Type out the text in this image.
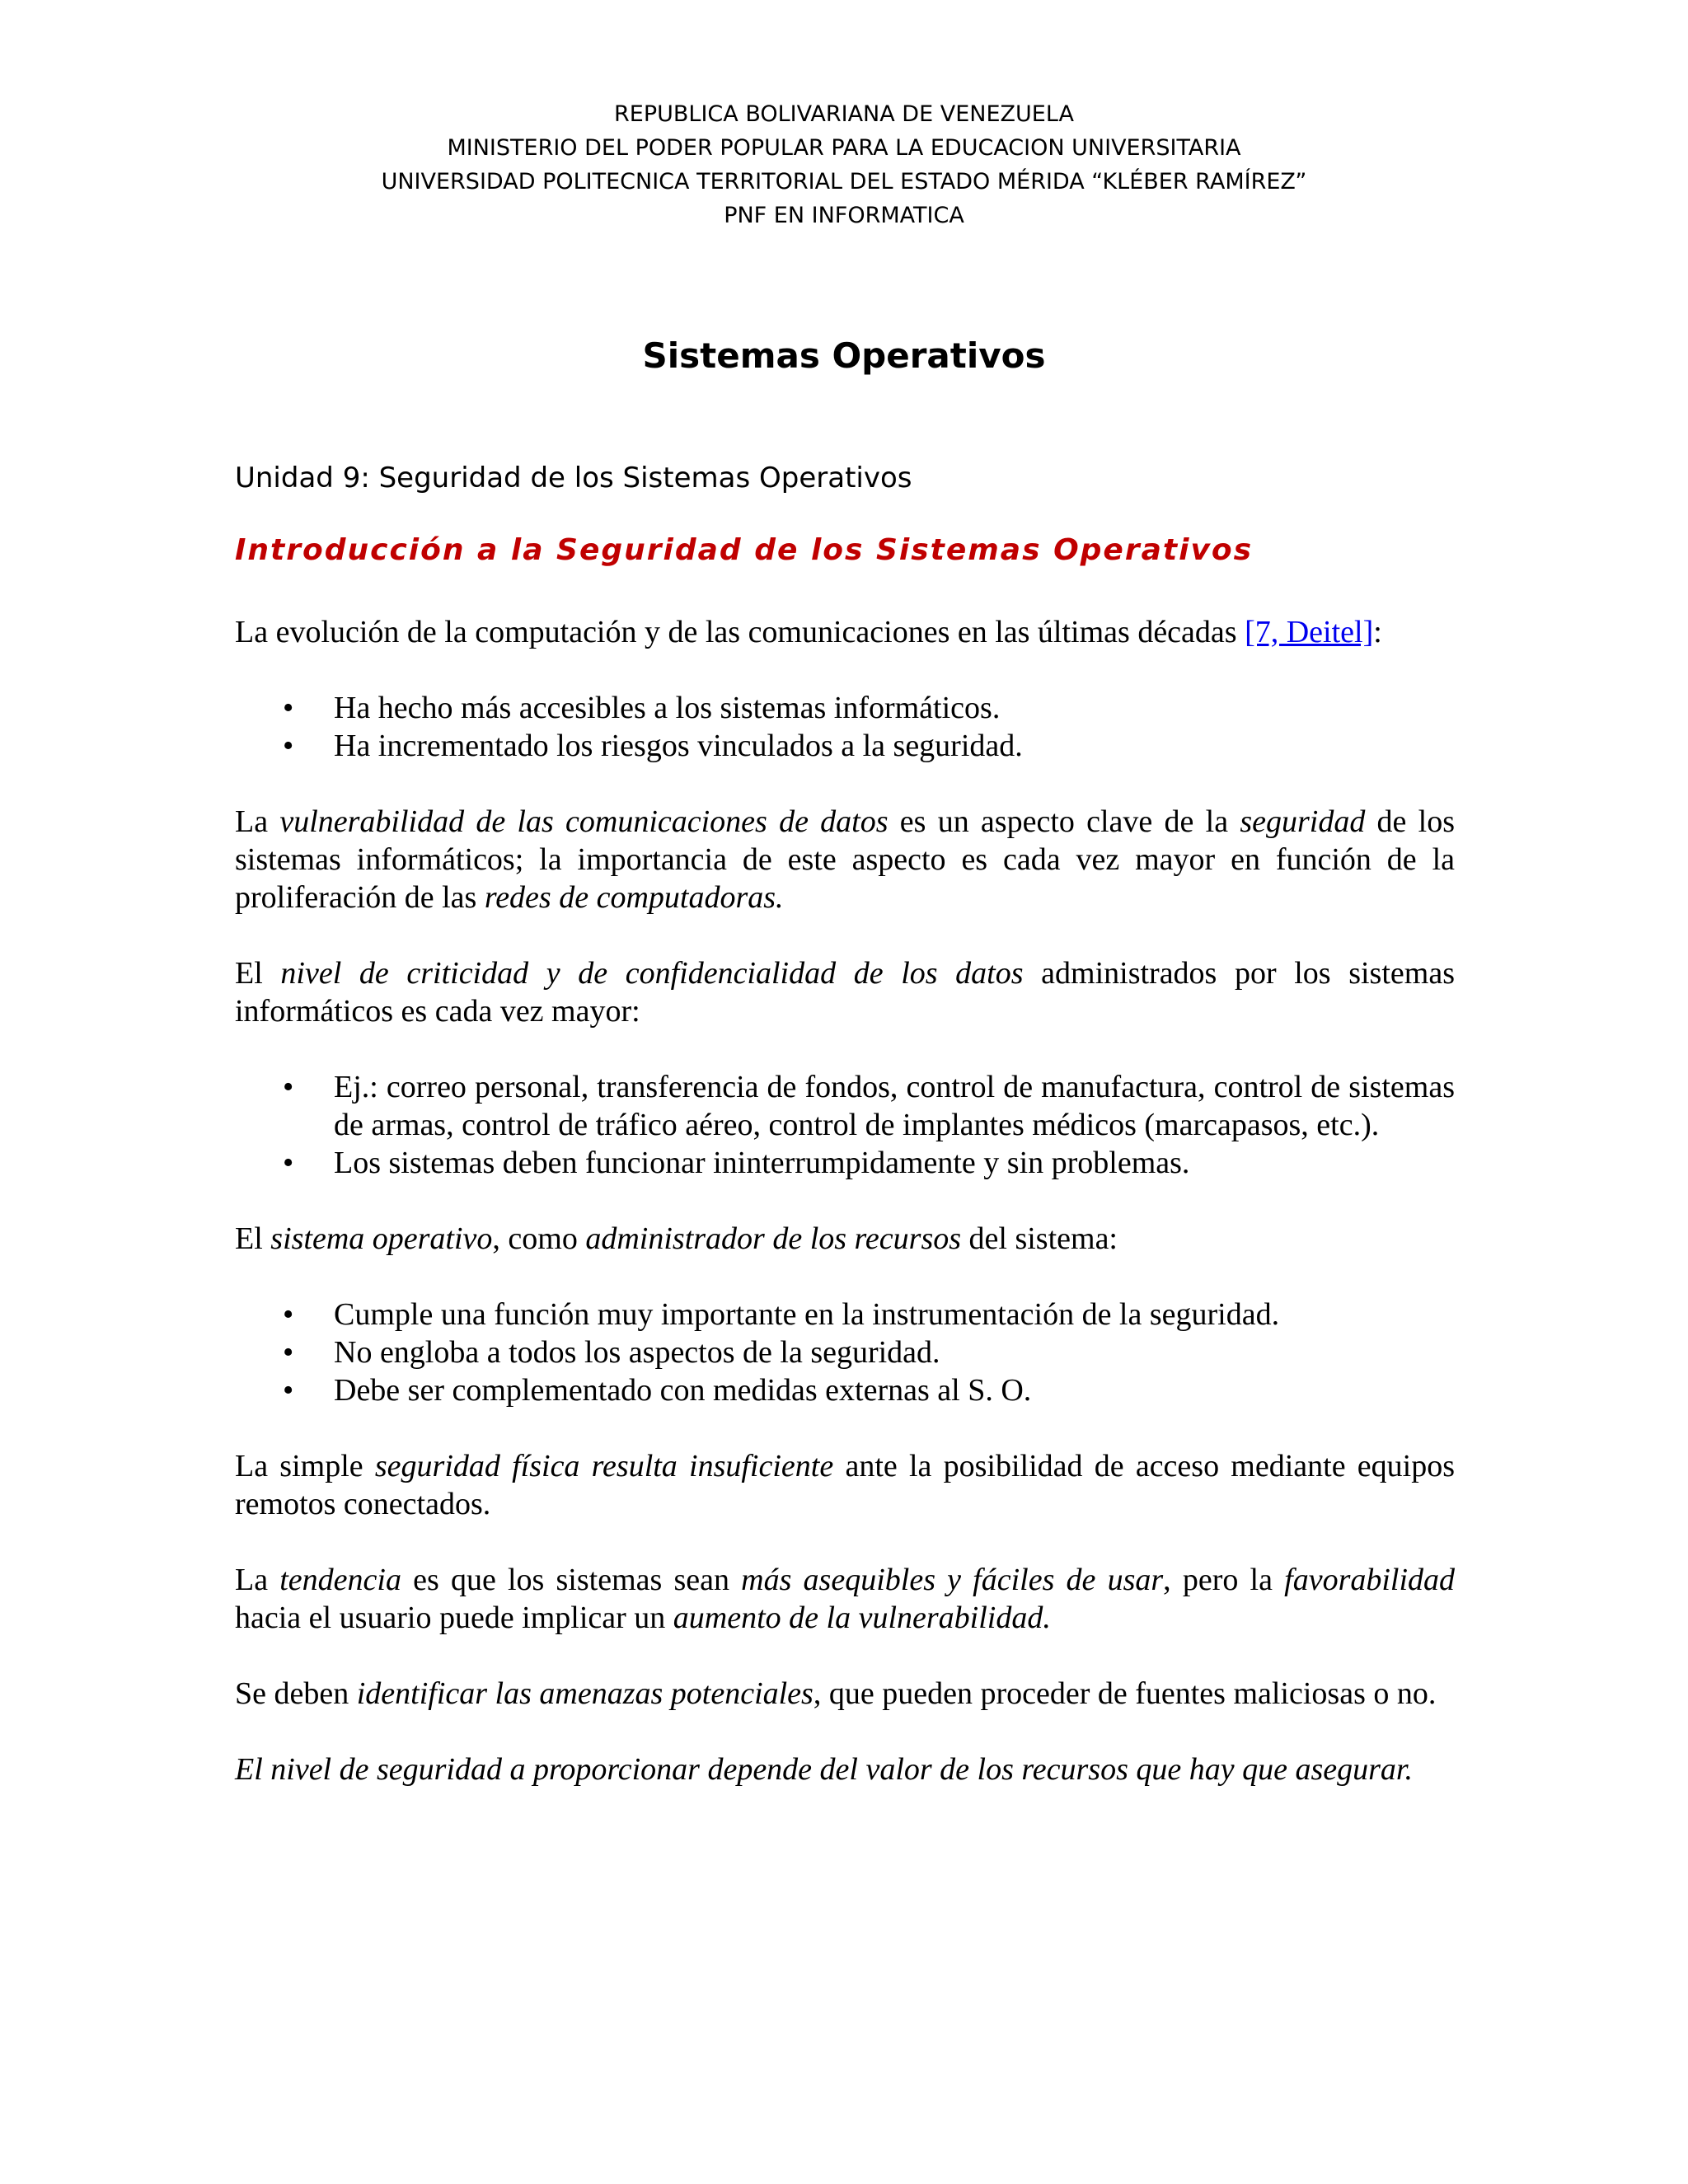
REPUBLICA BOLIVARIANA DE VENEZUELA
MINISTERIO DEL PODER POPULAR PARA LA EDUCACION UNIVERSITARIA
UNIVERSIDAD POLITECNICA TERRITORIAL DEL ESTADO MÉRIDA “KLÉBER RAMÍREZ”
PNF EN INFORMATICA
Sistemas Operativos
Unidad 9: Seguridad de los Sistemas Operativos
Introducción a la Seguridad de los Sistemas Operativos

La evolución de la computación y de las comunicaciones en las últimas décadas [7, Deitel]:

• Ha hecho más accesibles a los sistemas informáticos.
• Ha incrementado los riesgos vinculados a la seguridad.

La vulnerabilidad de las comunicaciones de datos es un aspecto clave de la seguridad de los sistemas informáticos; la importancia de este aspecto es cada vez mayor en función de la proliferación de las redes de computadoras.

El nivel de criticidad y de confidencialidad de los datos administrados por los sistemas informáticos es cada vez mayor:

• Ej.: correo personal, transferencia de fondos, control de manufactura, control de sistemas de armas, control de tráfico aéreo, control de implantes médicos (marcapasos, etc.).
• Los sistemas deben funcionar ininterrumpidamente y sin problemas.

El sistema operativo, como administrador de los recursos del sistema:

• Cumple una función muy importante en la instrumentación de la seguridad.
• No engloba a todos los aspectos de la seguridad.
• Debe ser complementado con medidas externas al S. O.

La simple seguridad física resulta insuficiente ante la posibilidad de acceso mediante equipos remotos conectados.

La tendencia es que los sistemas sean más asequibles y fáciles de usar, pero la favorabilidad hacia el usuario puede implicar un aumento de la vulnerabilidad.

Se deben identificar las amenazas potenciales, que pueden proceder de fuentes maliciosas o no.

El nivel de seguridad a proporcionar depende del valor de los recursos que hay que asegurar.
